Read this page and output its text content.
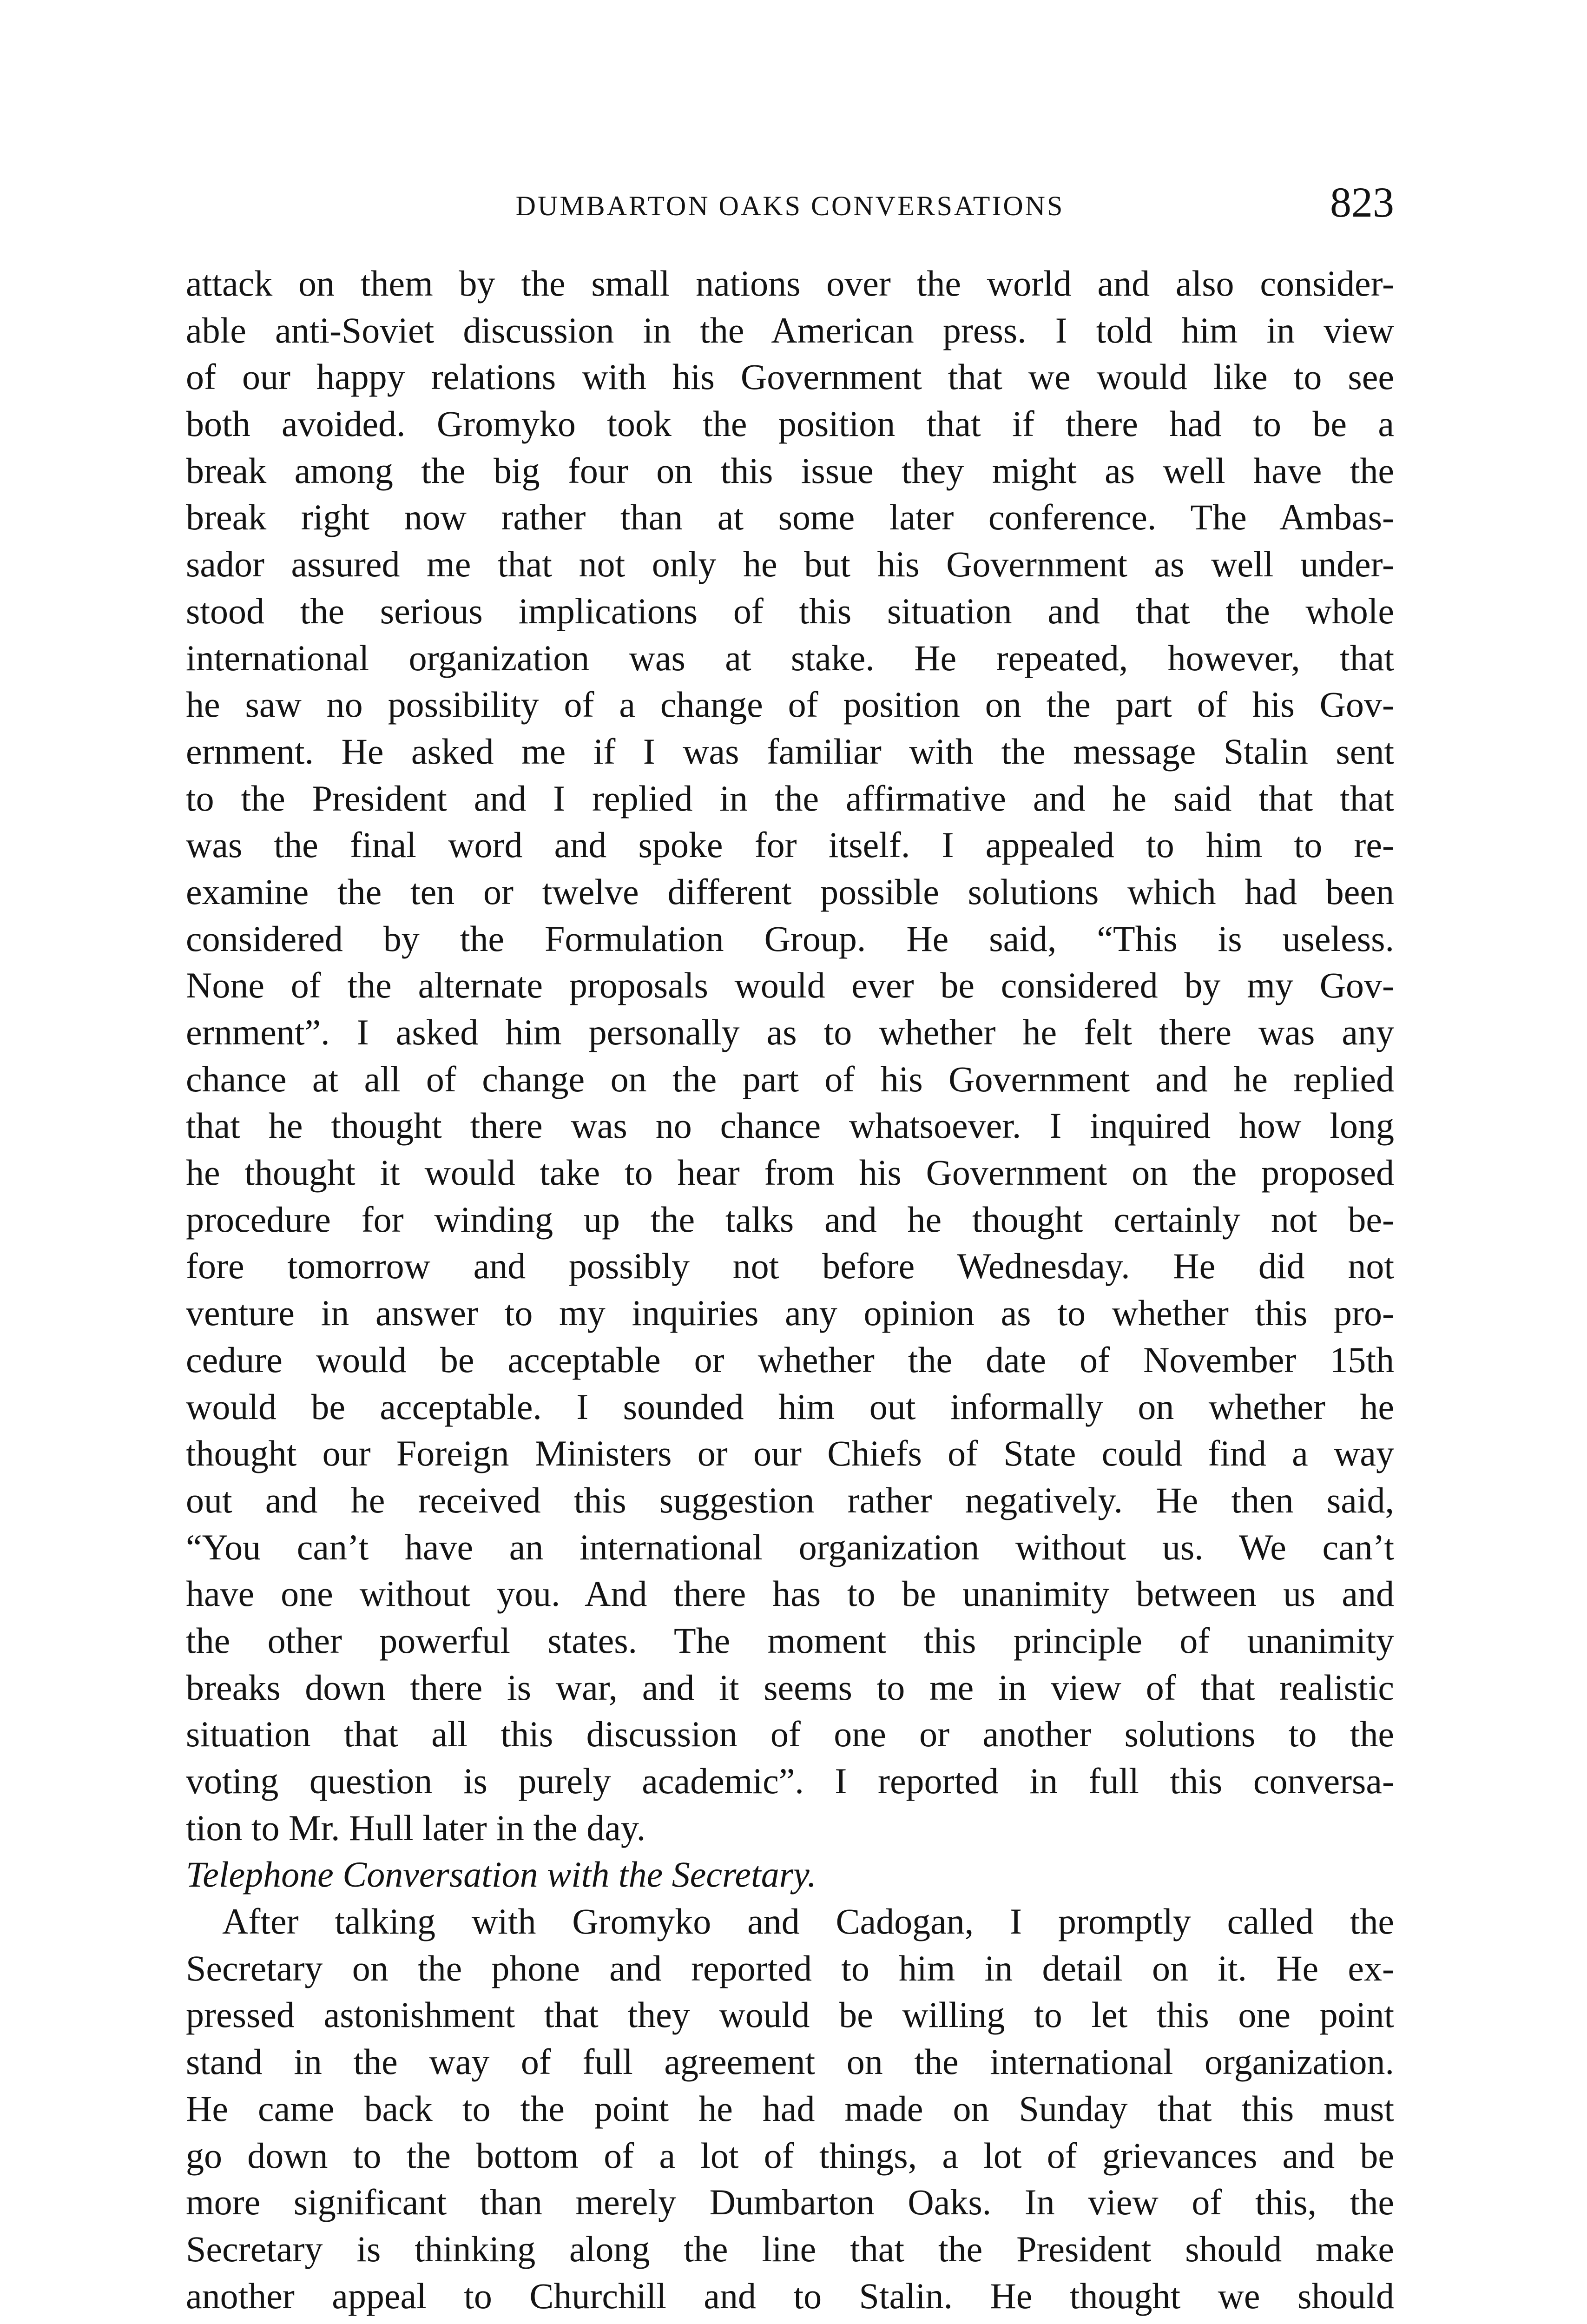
DUMBARTON OAKS CONVERSATIONS	823
attack on them by the small nations over the world and also consider-
able anti-Soviet discussion in the American press. I told him in view
of our happy relations with his Government that we would like to see
both avoided. Gromyko took the position that if there had to be a
break among the big four on this issue they might as well have the
break right now rather than at some later conference. The Ambas-
sador assured me that not only he but his Government as well under-
stood the serious implications of this situation and that the whole
international organization was at stake. He repeated, however, that
he saw no possibility of a change of position on the part of his Gov-
ernment. He asked me if I was familiar with the message Stalin sent
to the President and I replied in the affirmative and he said that that
was the final word and spoke for itself. I appealed to him to re-
examine the ten or twelve different possible solutions which had been
considered by the Formulation Group. He said, “This is useless.
None of the alternate proposals would ever be considered by my Gov-
ernment”. I asked him personally as to whether he felt there was any
chance at all of change on the part of his Government and he replied
that he thought there was no chance whatsoever. I inquired how long
he thought it would take to hear from his Government on the proposed
procedure for winding up the talks and he thought certainly not be-
fore tomorrow and possibly not before Wednesday. He did not
venture in answer to my inquiries any opinion as to whether this pro-
cedure would be acceptable or whether the date of November 15th
would be acceptable. I sounded him out informally on whether he
thought our Foreign Ministers or our Chiefs of State could find a way
out and he received this suggestion rather negatively. He then said,
“You can’t have an international organization without us. We can’t
have one without you. And there has to be unanimity between us and
the other powerful states. The moment this principle of unanimity
breaks down there is war, and it seems to me in view of that realistic
situation that all this discussion of one or another solutions to the
voting question is purely academic”. I reported in full this conversa-
tion to Mr. Hull later in the day.
Telephone Conversation with the Secretary.
After talking with Gromyko and Cadogan, I promptly called the
Secretary on the phone and reported to him in detail on it. He ex-
pressed astonishment that they would be willing to let this one point
stand in the way of full agreement on the international organization.
He came back to the point he had made on Sunday that this must
go down to the bottom of a lot of things, a lot of grievances and be
more significant than merely Dumbarton Oaks. In view of this, the
Secretary is thinking along the line that the President should make
another appeal to Churchill and to Stalin. He thought we should
